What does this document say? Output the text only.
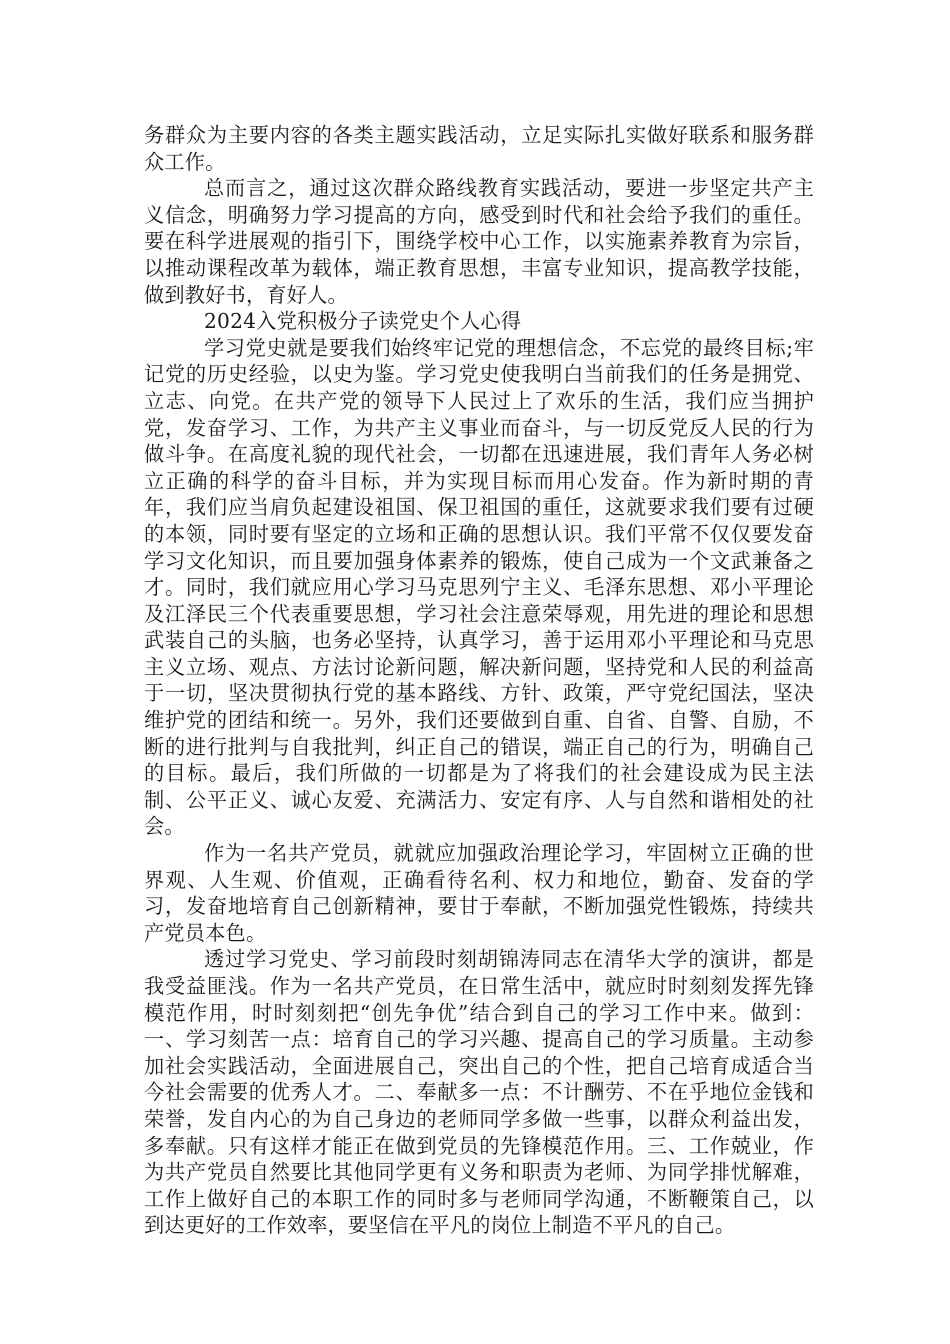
务群众为主要内容的各类主题实践活动，立足实际扎实做好联系和服务群众工作。

总而言之，通过这次群众路线教育实践活动，要进一步坚定共产主义信念，明确努力学习提高的方向，感受到时代和社会给予我们的重任。要在科学进展观的指引下，围绕学校中心工作，以实施素养教育为宗旨，以推动课程改革为载体，端正教育思想，丰富专业知识，提高教学技能，做到教好书，育好人。

2024入党积极分子读党史个人心得

学习党史就是要我们始终牢记党的理想信念，不忘党的最终目标;牢记党的历史经验，以史为鉴。学习党史使我明白当前我们的任务是拥党、立志、向党。在共产党的领导下人民过上了欢乐的生活，我们应当拥护党，发奋学习、工作，为共产主义事业而奋斗，与一切反党反人民的行为做斗争。在高度礼貌的现代社会，一切都在迅速进展，我们青年人务必树立正确的科学的奋斗目标，并为实现目标而用心发奋。作为新时期的青年，我们应当肩负起建设祖国、保卫祖国的重任，这就要求我们要有过硬的本领，同时要有坚定的立场和正确的思想认识。我们平常不仅仅要发奋学习文化知识，而且要加强身体素养的锻炼，使自己成为一个文武兼备之才。同时，我们就应用心学习马克思列宁主义、毛泽东思想、邓小平理论及江泽民三个代表重要思想，学习社会注意荣辱观，用先进的理论和思想武装自己的头脑，也务必坚持，认真学习，善于运用邓小平理论和马克思主义立场、观点、方法讨论新问题，解决新问题，坚持党和人民的利益高于一切，坚决贯彻执行党的基本路线、方针、政策，严守党纪国法，坚决维护党的团结和统一。另外，我们还要做到自重、自省、自警、自励，不断的进行批判与自我批判，纠正自己的错误，端正自己的行为，明确自己的目标。最后，我们所做的一切都是为了将我们的社会建设成为民主法制、公平正义、诚心友爱、充满活力、安定有序、人与自然和谐相处的社会。

作为一名共产党员，就就应加强政治理论学习，牢固树立正确的世界观、人生观、价值观，正确看待名利、权力和地位，勤奋、发奋的学习，发奋地培育自己创新精神，要甘于奉献，不断加强党性锻炼，持续共产党员本色。

透过学习党史、学习前段时刻胡锦涛同志在清华大学的演讲，都是我受益匪浅。作为一名共产党员，在日常生活中，就应时时刻刻发挥先锋模范作用，时时刻刻把“创先争优”结合到自己的学习工作中来。做到：一、学习刻苦一点：培育自己的学习兴趣、提高自己的学习质量。主动参加社会实践活动，全面进展自己，突出自己的个性，把自己培育成适合当今社会需要的优秀人才。二、奉献多一点：不计酬劳、不在乎地位金钱和荣誉，发自内心的为自己身边的老师同学多做一些事，以群众利益出发，多奉献。只有这样才能正在做到党员的先锋模范作用。三、工作兢业，作为共产党员自然要比其他同学更有义务和职责为老师、为同学排忧解难，工作上做好自己的本职工作的同时多与老师同学沟通，不断鞭策自己，以到达更好的工作效率，要坚信在平凡的岗位上制造不平凡的自己。
